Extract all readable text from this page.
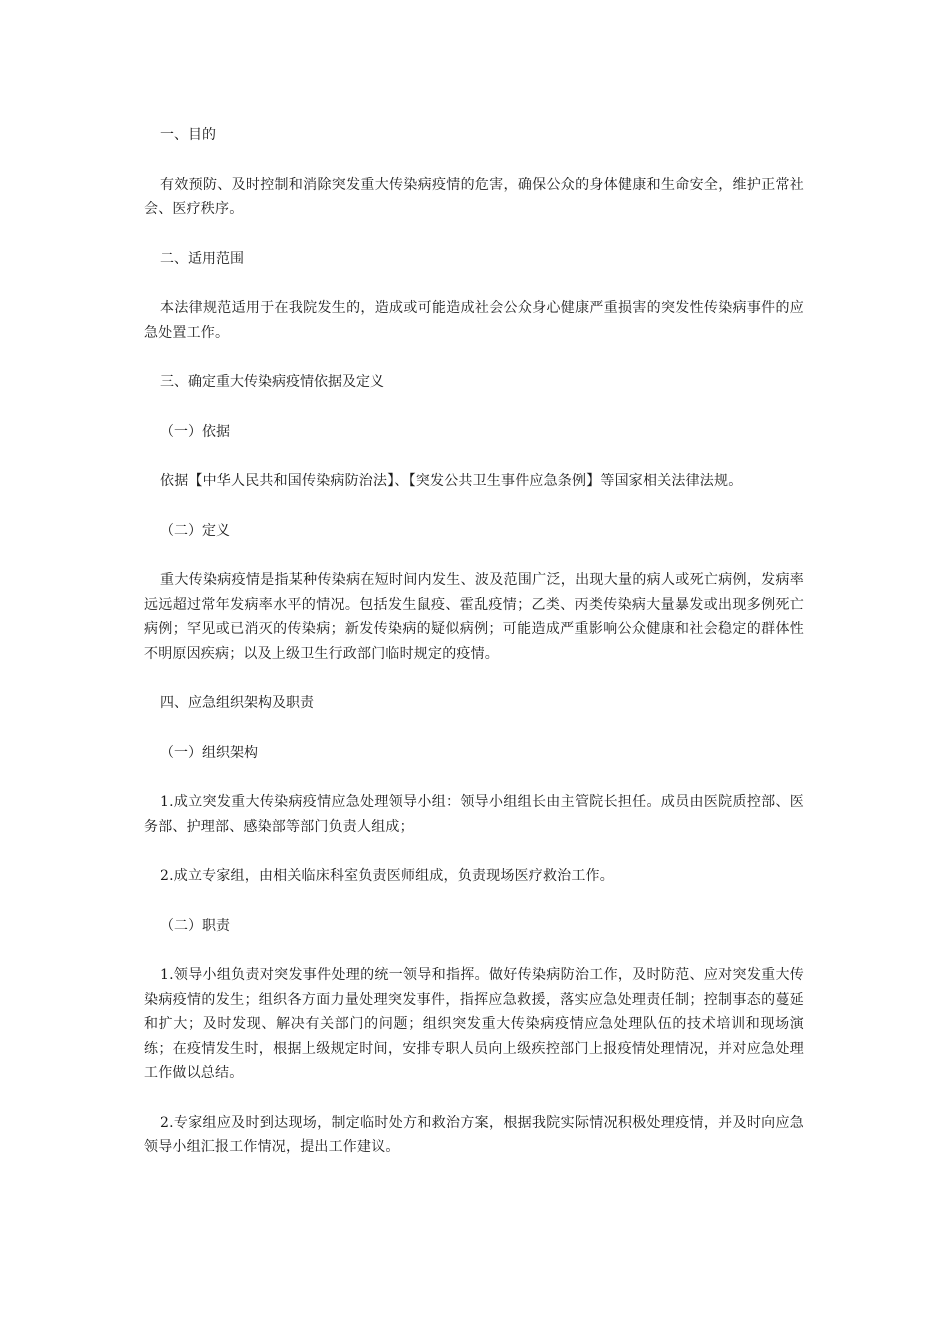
一、目的

有效预防、及时控制和消除突发重大传染病疫情的危害，确保公众的身体健康和生命安全，维护正常社会、医疗秩序。

二、适用范围

本法律规范适用于在我院发生的，造成或可能造成社会公众身心健康严重损害的突发性传染病事件的应急处置工作。

三、确定重大传染病疫情依据及定义

（一）依据

依据【中华人民共和国传染病防治法】、【突发公共卫生事件应急条例】等国家相关法律法规。

（二）定义

重大传染病疫情是指某种传染病在短时间内发生、波及范围广泛，出现大量的病人或死亡病例，发病率远远超过常年发病率水平的情况。包括发生鼠疫、霍乱疫情；乙类、丙类传染病大量暴发或出现多例死亡病例；罕见或已消灭的传染病；新发传染病的疑似病例；可能造成严重影响公众健康和社会稳定的群体性不明原因疾病；以及上级卫生行政部门临时规定的疫情。

四、应急组织架构及职责

（一）组织架构

1.成立突发重大传染病疫情应急处理领导小组：领导小组组长由主管院长担任。成员由医院质控部、医务部、护理部、感染部等部门负责人组成；

2.成立专家组，由相关临床科室负责医师组成，负责现场医疗救治工作。

（二）职责

1.领导小组负责对突发事件处理的统一领导和指挥。做好传染病防治工作，及时防范、应对突发重大传染病疫情的发生；组织各方面力量处理突发事件，指挥应急救援，落实应急处理责任制；控制事态的蔓延和扩大；及时发现、解决有关部门的问题；组织突发重大传染病疫情应急处理队伍的技术培训和现场演练；在疫情发生时，根据上级规定时间，安排专职人员向上级疾控部门上报疫情处理情况，并对应急处理工作做以总结。

2.专家组应及时到达现场，制定临时处方和救治方案，根据我院实际情况积极处理疫情，并及时向应急领导小组汇报工作情况，提出工作建议。
